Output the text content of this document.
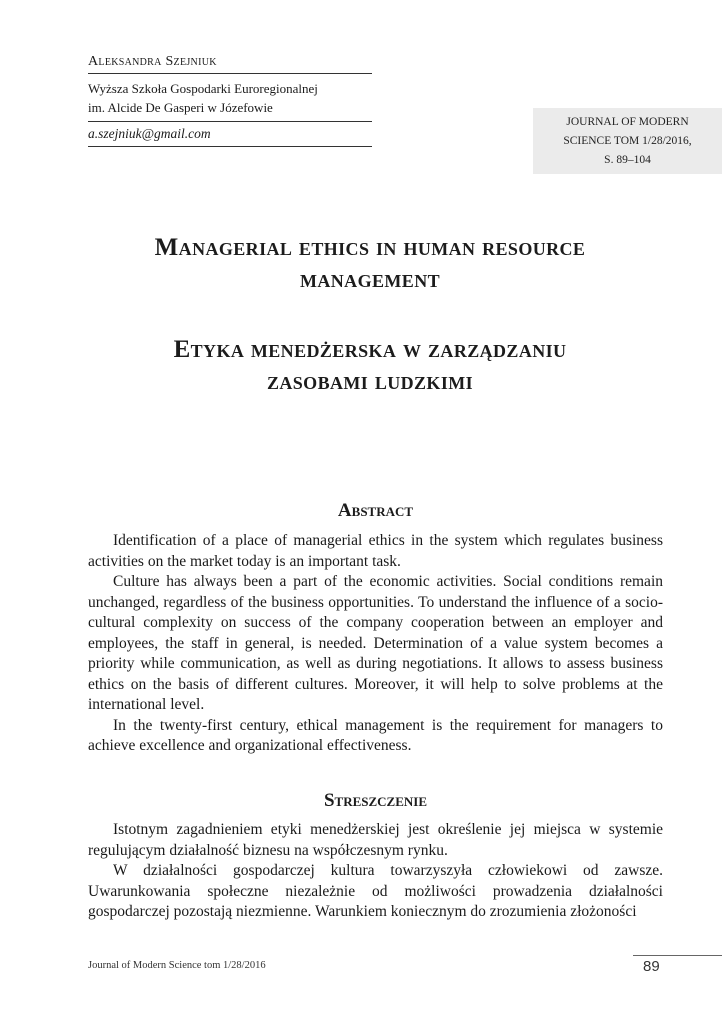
Aleksandra Szejniuk
Wyższa Szkoła Gospodarki Euroregionalnej
im. Alcide De Gasperi w Józefowie
a.szejniuk@gmail.com
JOURNAL OF MODERN
SCIENCE TOM 1/28/2016,
S. 89–104
Managerial ethics in human resource
management
Etyka menedżerska w zarządzaniu
zasobami ludzkimi
Abstract

Identification of a place of managerial ethics in the system which regulates business activities on the market today is an important task.

Culture has always been a part of the economic activities. Social conditions remain unchanged, regardless of the business opportunities. To understand the influence of a socio-cultural complexity on success of the company cooperation between an employer and employees, the staff in general, is needed. Determination of a value system becomes a priority while communication, as well as during negotiations. It allows to assess business ethics on the basis of different cultures. Moreover, it will help to solve problems at the international level.

In the twenty-first century, ethical management is the requirement for managers to achieve excellence and organizational effectiveness.

Streszczenie

Istotnym zagadnieniem etyki menedżerskiej jest określenie jej miejsca w systemie regulującym działalność biznesu na współczesnym rynku.

W działalności gospodarczej kultura towarzyszyła człowiekowi od zawsze. Uwarunkowania społeczne niezależnie od możliwości prowadzenia działalności gospodarczej pozostają niezmienne. Warunkiem koniecznym do zrozumienia złożoności

Journal of Modern Science tom 1/28/2016	89
